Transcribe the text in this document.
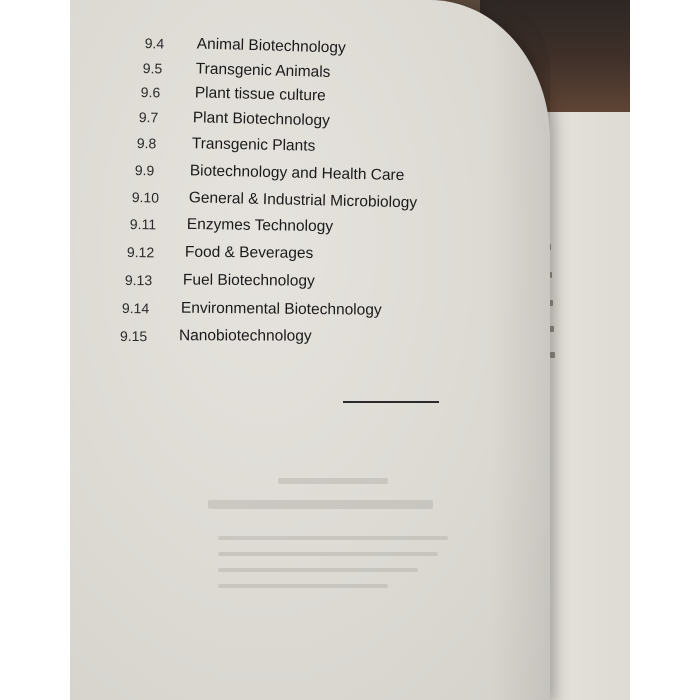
9.4 Animal Biotechnology
9.5 Transgenic Animals
9.6 Plant tissue culture
9.7 Plant Biotechnology
9.8 Transgenic Plants
9.9 Biotechnology and Health Care
9.10 General & Industrial Microbiology
9.11 Enzymes Technology
9.12 Food & Beverages
9.13 Fuel Biotechnology
9.14 Environmental Biotechnology
9.15 Nanobiotechnology
